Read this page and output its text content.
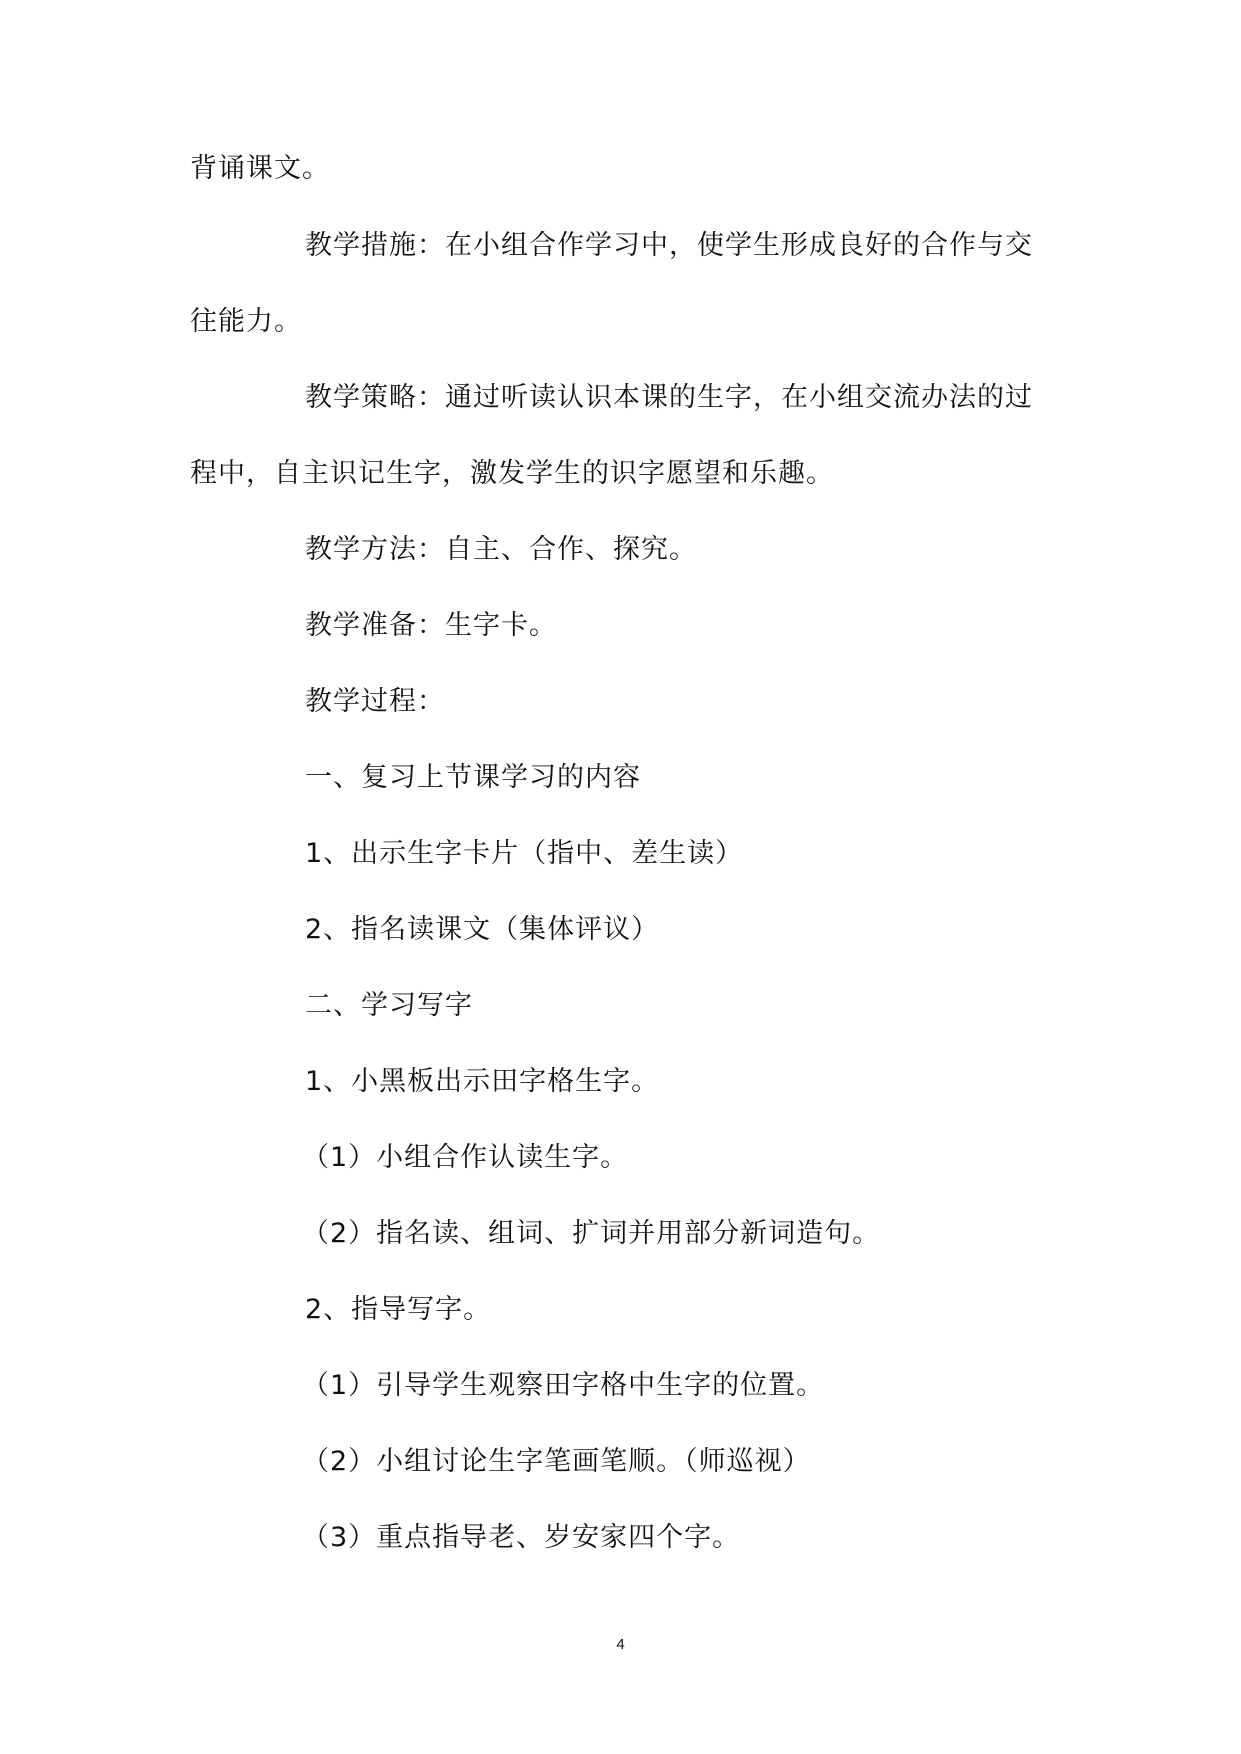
背诵课文。
教学措施：在小组合作学习中，使学生形成良好的合作与交
往能力。
教学策略：通过听读认识本课的生字，在小组交流办法的过
程中，自主识记生字，激发学生的识字愿望和乐趣。
教学方法：自主、合作、探究。
教学准备：生字卡。
教学过程：
一、复习上节课学习的内容
1、出示生字卡片（指中、差生读）
2、指名读课文（集体评议）
二、学习写字
1、小黑板出示田字格生字。
（1）小组合作认读生字。
（2）指名读、组词、扩词并用部分新词造句。
2、指导写字。
（1）引导学生观察田字格中生字的位置。
（2）小组讨论生字笔画笔顺。（师巡视）
（3）重点指导老、岁安家四个字。
4
